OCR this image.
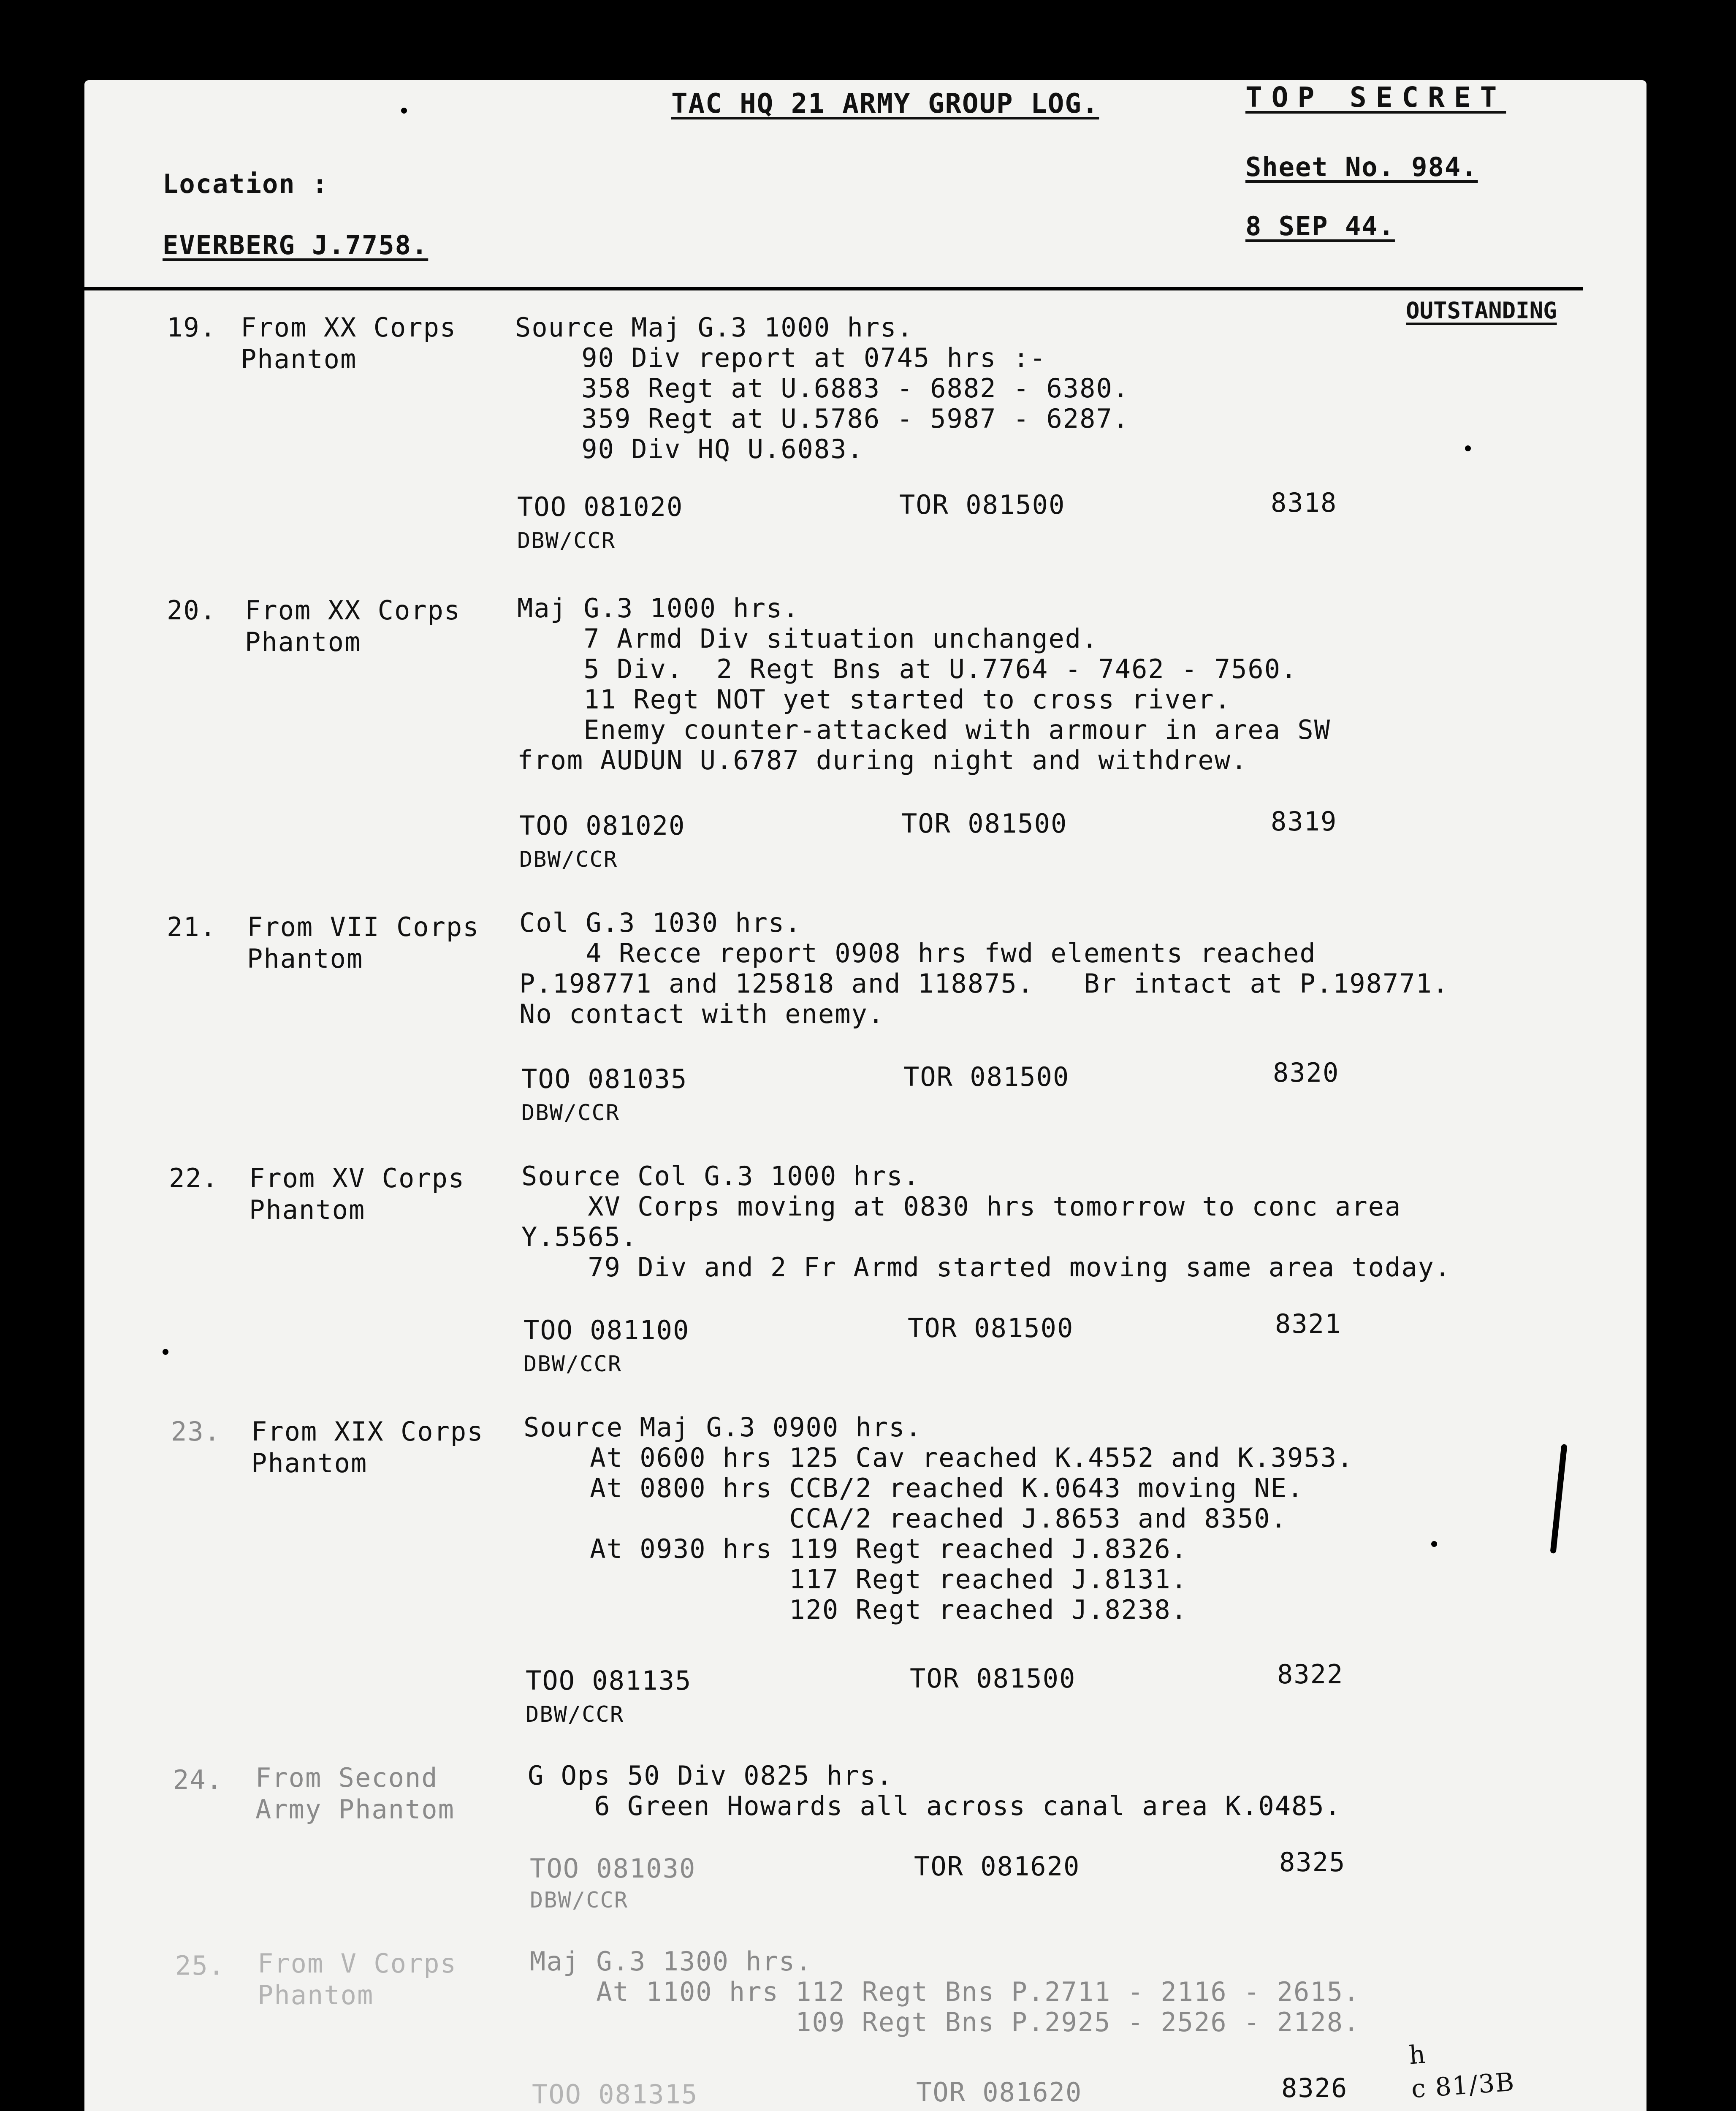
TAC HQ 21 ARMY GROUP LOG.	TOP SECRET
Sheet No. 984.
8 SEP 44.
Location :
EVERBERG J.7758.
OUTSTANDING
19. From XX Corps
Phantom
Source Maj G.3 1000 hrs.
90 Div report at 0745 hrs :-
358 Regt at U.6883 - 6882 - 6380.
359 Regt at U.5786 - 5987 - 6287.
90 Div HQ U.6083.
TOO 081020	TOR 081500	8318
DBW/CCR
20. From XX Corps
Phantom
Maj G.3 1000 hrs.
7 Armd Div situation unchanged.
5 Div.  2 Regt Bns at U.7764 - 7462 - 7560.
11 Regt NOT yet started to cross river.
Enemy counter-attacked with armour in area SW
from AUDUN U.6787 during night and withdrew.
TOO 081020	TOR 081500	8319
DBW/CCR
21. From VII Corps
Phantom
Col G.3 1030 hrs.
4 Recce report 0908 hrs fwd elements reached
P.198771 and 125818 and 118875.   Br intact at P.198771.
No contact with enemy.
TOO 081035	TOR 081500	8320
DBW/CCR
22. From XV Corps
Phantom
Source Col G.3 1000 hrs.
XV Corps moving at 0830 hrs tomorrow to conc area
Y.5565.
79 Div and 2 Fr Armd started moving same area today.
TOO 081100	TOR 081500	8321
DBW/CCR
23. From XIX Corps
Phantom
Source Maj G.3 0900 hrs.
At 0600 hrs 125 Cav reached K.4552 and K.3953.
At 0800 hrs CCB/2 reached K.0643 moving NE.
CCA/2 reached J.8653 and 8350.
At 0930 hrs 119 Regt reached J.8326.
117 Regt reached J.8131.
120 Regt reached J.8238.
TOO 081135	TOR 081500	8322
DBW/CCR
24. From Second
Army Phantom
G Ops 50 Div 0825 hrs.
6 Green Howards all across canal area K.0485.
TOO 081030	TOR 081620	8325
DBW/CCR
25. From V Corps
Phantom
Maj G.3 1300 hrs.
At 1100 hrs 112 Regt Bns P.2711 - 2116 - 2615.
109 Regt Bns P.2925 - 2526 - 2128.
TOO 081315	TOR 081620	8326
h
c 81/3B
